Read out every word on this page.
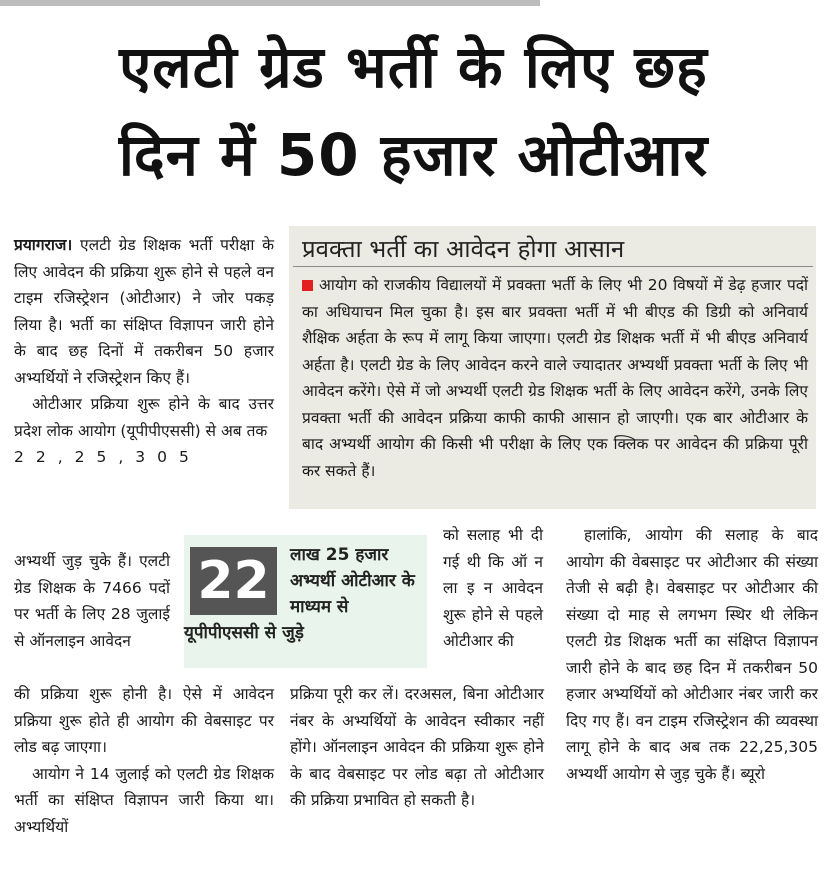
एलटी ग्रेड भर्ती के लिए छह
दिन में 50 हजार ओटीआर

प्रयागराज। एलटी ग्रेड शिक्षक भर्ती परीक्षा के लिए आवेदन की प्रक्रिया शुरू होने से पहले वन टाइम रजिस्ट्रेशन (ओटीआर) ने जोर पकड़ लिया है। भर्ती का संक्षिप्त विज्ञापन जारी होने के बाद छह दिनों में तकरीबन 50 हजार अभ्यर्थियों ने रजिस्ट्रेशन किए हैं।

ओटीआर प्रक्रिया शुरू होने के बाद उत्तर प्रदेश लोक आयोग (यूपीपीएससी) से अब तक

22,25,305

अभ्यर्थी जुड़ चुके हैं। एलटी ग्रेड शिक्षक के 7466 पदों पर भर्ती के लिए 28 जुलाई से ऑनलाइन आवेदन

की प्रक्रिया शुरू होनी है। ऐसे में आवेदन प्रक्रिया शुरू होते ही आयोग की वेबसाइट पर लोड बढ़ जाएगा।

आयोग ने 14 जुलाई को एलटी ग्रेड शिक्षक भर्ती का संक्षिप्त विज्ञापन जारी किया था। अभ्यर्थियों

प्रवक्ता भर्ती का आवेदन होगा आसान
आयोग को राजकीय विद्यालयों में प्रवक्ता भर्ती के लिए भी 20 विषयों में डेढ़ हजार पदों का अधियाचन मिल चुका है। इस बार प्रवक्ता भर्ती में भी बीएड की डिग्री को अनिवार्य शैक्षिक अर्हता के रूप में लागू किया जाएगा। एलटी ग्रेड शिक्षक भर्ती में भी बीएड अनिवार्य अर्हता है। एलटी ग्रेड के लिए आवेदन करने वाले ज्यादातर अभ्यर्थी प्रवक्ता भर्ती के लिए भी आवेदन करेंगे। ऐसे में जो अभ्यर्थी एलटी ग्रेड शिक्षक भर्ती के लिए आवेदन करेंगे, उनके लिए प्रवक्ता भर्ती की आवेदन प्रक्रिया काफी काफी आसान हो जाएगी। एक बार ओटीआर के बाद अभ्यर्थी आयोग की किसी भी परीक्षा के लिए एक क्लिक पर आवेदन की प्रक्रिया पूरी कर सकते हैं।
22	लाख 25 हजार अभ्यर्थी ओटीआर के माध्यम से
यूपीपीएससी से जुड़े
को सलाह भी दी गई थी कि ऑ न ला इ न आवेदन शुरू होने से पहले ओटीआर की
प्रक्रिया पूरी कर लें। दरअसल, बिना ओटीआर नंबर के अभ्यर्थियों के आवेदन स्वीकार नहीं होंगे। ऑनलाइन आवेदन की प्रक्रिया शुरू होने के बाद वेबसाइट पर लोड बढ़ा तो ओटीआर की प्रक्रिया प्रभावित हो सकती है।

हालांकि, आयोग की सलाह के बाद आयोग की वेबसाइट पर ओटीआर की संख्या तेजी से बढ़ी है। वेबसाइट पर ओटीआर की संख्या दो माह से लगभग स्थिर थी लेकिन एलटी ग्रेड शिक्षक भर्ती का संक्षिप्त विज्ञापन जारी होने के बाद छह दिन में तकरीबन 50 हजार अभ्यर्थियों को ओटीआर नंबर जारी कर दिए गए हैं। वन टाइम रजिस्ट्रेशन की व्यवस्था लागू होने के बाद अब तक 22,25,305 अभ्यर्थी आयोग से जुड़ चुके हैं। ब्यूरो
